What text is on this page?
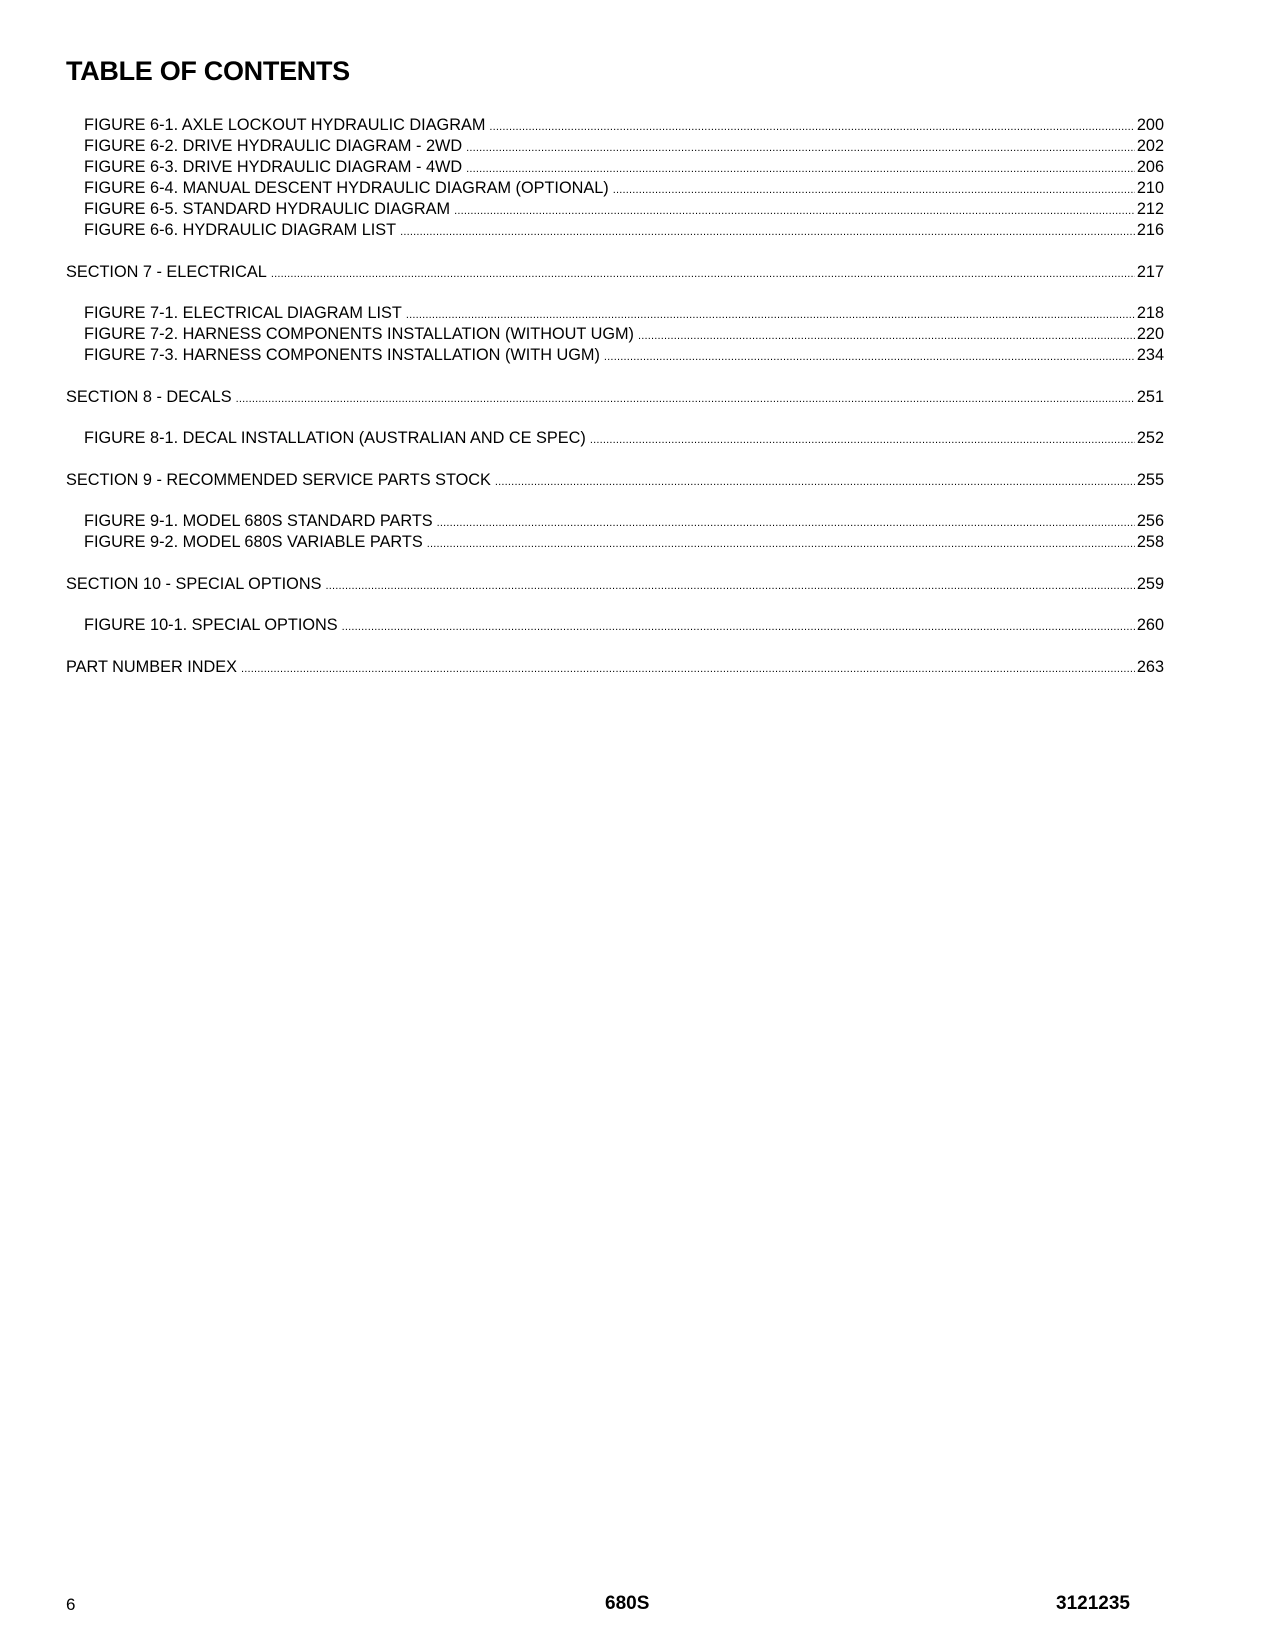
TABLE OF CONTENTS
FIGURE 6-1. AXLE LOCKOUT HYDRAULIC DIAGRAM .....	200
FIGURE 6-2. DRIVE HYDRAULIC DIAGRAM - 2WD .....	202
FIGURE 6-3. DRIVE HYDRAULIC DIAGRAM - 4WD .....	206
FIGURE 6-4. MANUAL DESCENT HYDRAULIC DIAGRAM (OPTIONAL) .....	210
FIGURE 6-5. STANDARD HYDRAULIC DIAGRAM .....	212
FIGURE 6-6. HYDRAULIC DIAGRAM LIST .....	216
SECTION 7 - ELECTRICAL .....	217
FIGURE 7-1. ELECTRICAL DIAGRAM LIST .....	218
FIGURE 7-2. HARNESS COMPONENTS INSTALLATION (WITHOUT UGM) .....	220
FIGURE 7-3. HARNESS COMPONENTS INSTALLATION (WITH UGM) .....	234
SECTION 8 - DECALS .....	251
FIGURE 8-1. DECAL INSTALLATION (AUSTRALIAN AND CE SPEC) .....	252
SECTION 9 - RECOMMENDED SERVICE PARTS STOCK .....	255
FIGURE 9-1. MODEL 680S STANDARD PARTS .....	256
FIGURE 9-2. MODEL 680S VARIABLE PARTS .....	258
SECTION 10 - SPECIAL OPTIONS .....	259
FIGURE 10-1. SPECIAL OPTIONS .....	260
PART NUMBER INDEX .....	263
6	680S	3121235
